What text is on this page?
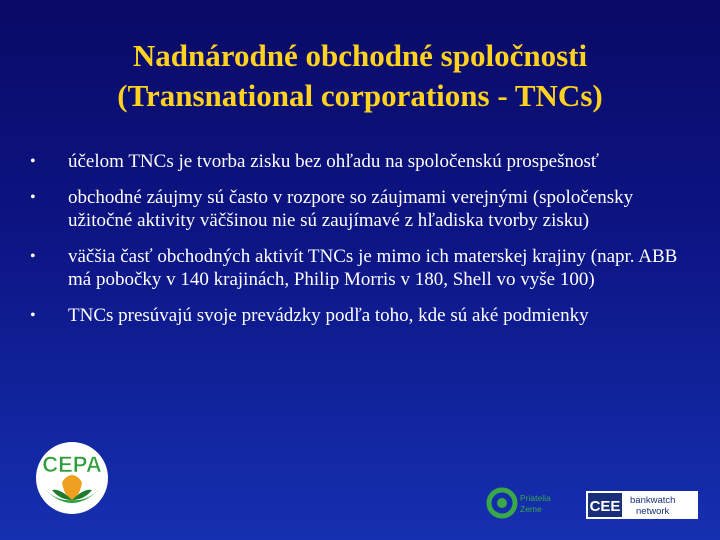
Nadnárodné obchodné spoločnosti
(Transnational corporations - TNCs)
• účelom TNCs je tvorba zisku bez ohľadu na spoločenskú prospešnosť
• obchodné záujmy sú často v rozpore so záujmami verejnými (spoločensky užitočné aktivity väčšinou nie sú zaujímavé z hľadiska tvorby zisku)
• väčšia časť obchodných aktivít TNCs je mimo ich materskej krajiny (napr. ABB má pobočky v 140 krajinách, Philip Morris v 180, Shell vo vyše 100)
• TNCs presúvajú svoje prevádzky podľa toho, kde sú aké podmienky
CEPA
Priatelia
Zeme	CEE bankwatch
network
